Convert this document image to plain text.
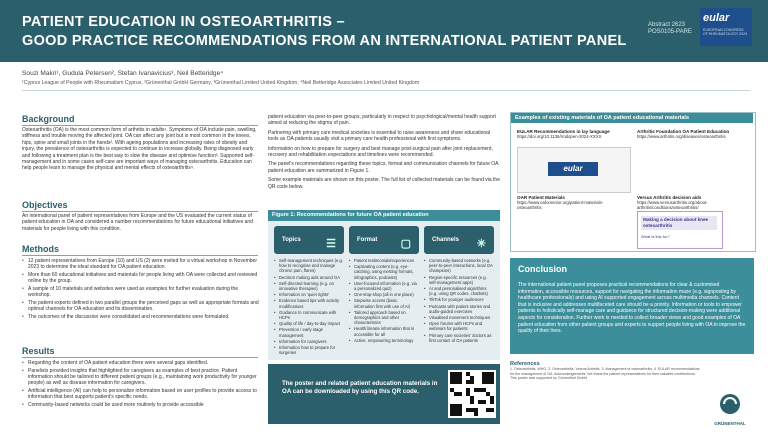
PATIENT EDUCATION IN OSTEOARTHRITIS –
GOOD PRACTICE RECOMMENDATIONS FROM AN INTERNATIONAL PATIENT PANEL
Abstract 2623
POS0105-PARE
eular
EUROPEAN CONGRESS OF RHEUMATOLOGY 2024
Souzi Makri¹, Gudula Petersen², Stefan Ivanavicius³, Neil Betteridge⁴
¹Cyprus League of People with Rheumatism Cyprus, ²Grünenthal GmbH Germany, ³Grünenthal Limited United Kingdom, ⁴Neil Betteridge Associates Limited United Kingdom
Background
Osteoarthritis (OA) is the most common form of arthritis in adults¹. Symptoms of OA include pain, swelling, stiffness and trouble moving the affected joint. OA can affect any joint but is most common in the knees, hips, spine and small joints in the hands². With ageing populations and increasing rates of obesity and injury, the prevalence of osteoarthritis is expected to continue to increase globally. Being diagnosed early and following a treatment plan is the best way to slow the disease and optimise function³. Supported self-management and in some cases self-care are important ways of managing osteoarthritis. Education can help people learn to manage the physical and mental effects of osteoarthritis⁴.
Objectives
An international panel of patient representatives from Europe and the US evaluated the current status of patient education in OA and considered a number recommendations for future educational initiatives and materials for people living with this condition.
Methods
• 12 patient representatives from Europe (10) and US (2) were invited for a virtual workshop in November 2023 to determine the ideal standard for OA patient education.
• More than 60 educational initiatives and materials for people living with OA were collected and reviewed online by the group.
• A sample of 10 materials and websites were used as examples for further evaluation during the workshop.
• The patient experts defined in two parallel groups the perceived gaps as well as appropriate formats and optimal channels for OA education and its dissemination.
• The outcomes of the discussion were consolidated and recommendations were formulated.
Results
• Regarding the content of OA patient education there were several gaps identified.
• Panelists provided insights that highlighted for caregivers as examples of best practice. Patient information should be tailored to different patient groups (e.g., maintaining work productivity for younger people) as well as disease information for caregivers.
• Artificial intelligence (AI) can help to personalize information based on user profiles to provide access to information that best supports patient's specific needs.
• Community-based networks could be used more routinely to provide accessible
patient education via peer-to-peer groups, particularly in respect to psychological/mental health support aimed at reducing the stigma of pain.
Partnering with primary care medical societies is essential to raise awareness and share educational tools as OA patients usually visit a primary care health professional with first symptoms.
Information on how to prepare for surgery and best manage post-surgical pain after joint replacement, recovery and rehabilitation expectations and timelines were recommended.
The panel's recommendations regarding these topics, format and communication channels for future OA patient education are summarized in Figure 1.
Some example materials are shown on this poster. The full list of collected materials can be found via the QR code below.
Figure 1: Recommendations for future OA patient education
Topics ☰
• Self-management techniques (e.g. how to recognise and manage chronic pain, flares)
• Decision making aids around OA
• Self-directed learning (e.g. on innovative therapies)
• Information on 'quiet rights'
• Evidence based tips with activity modifications
• Guidance to communicate with HCPs
• Quality of life / day-to-day impact
• Prevention / early stage management
• Information for caregivers
• Information how to prepare for surgeries
Format ▢
• Patient testimonials/experiences
• Captivating content (e.g. eye-catching, using existing formats, infographics, podcasts)
• User-focused information (e.g. via a personalized quiz)
• One-stop-shop (all in one place)
• Stepwise access (basic information first with use of AI)
• Tailored approach based on demographics and other characteristics
• Health literate information that is accessible for all
• Active, empowering terminology
Channels ✳
• Community-based networks (e.g. peer-to-peer interactions, local OA champions)
• Region-specific resources (e.g. self-management apps)
• AI and personalised algorithms (e.g. using QR codes, chatbots)
• TikTok for younger audiences
• Podcasts with patient stories and audio-guided exercises
• Visualised movement techniques
• Open forums with HCPs and webinars for patients
• Primary care societies' doctors as first contact of OA patients
The poster and related patient education materials in OA can be downloaded by using this QR code.
Examples of existing materials of OA patient educational materials
EULAR Recommendations in lay language
https://doi.org/10.1136/rmdopen-2024-XXXX
eular
Arthritis Foundation OA Patient Education
https://www.arthritis.org/diseases/osteoarthritis
OAR Patient Materials
https://www.oaforsenior.org/patient-materials-osteoarthritis
Versus Arthritis decision aids
https://www.versusarthritis.org/about-arthritis/conditions/osteoarthritis/
Making a decision about knee osteoarthritis
What is this for?
Conclusion
The international patient panel proposes practical recommendations for clear & customised information, accessible resources, support for navigating the information maze (e.g. signposting by healthcare professionals) and using AI supported engagement across multimedia channels. Content that is inclusive and addresses multifaceted care should be a priority. Information or tools to empower patients to holistically self-manage care and guidance for structured decision-making were additional aspects for consideration. Further work is needed to collect broader views and good examples of OA patient education from other patient groups and experts to support people living with OA to improve the quality of their lives.
References
1. Osteoarthritis. WHO. 2. Osteoarthritis. Versus Arthritis. 3. Management of osteoarthritis. 4. EULAR recommendations for the management of OA. Acknowledgements: We thank the patient representatives for their valuable contributions. This poster was supported by Grünenthal GmbH.
GRÜNENTHAL
